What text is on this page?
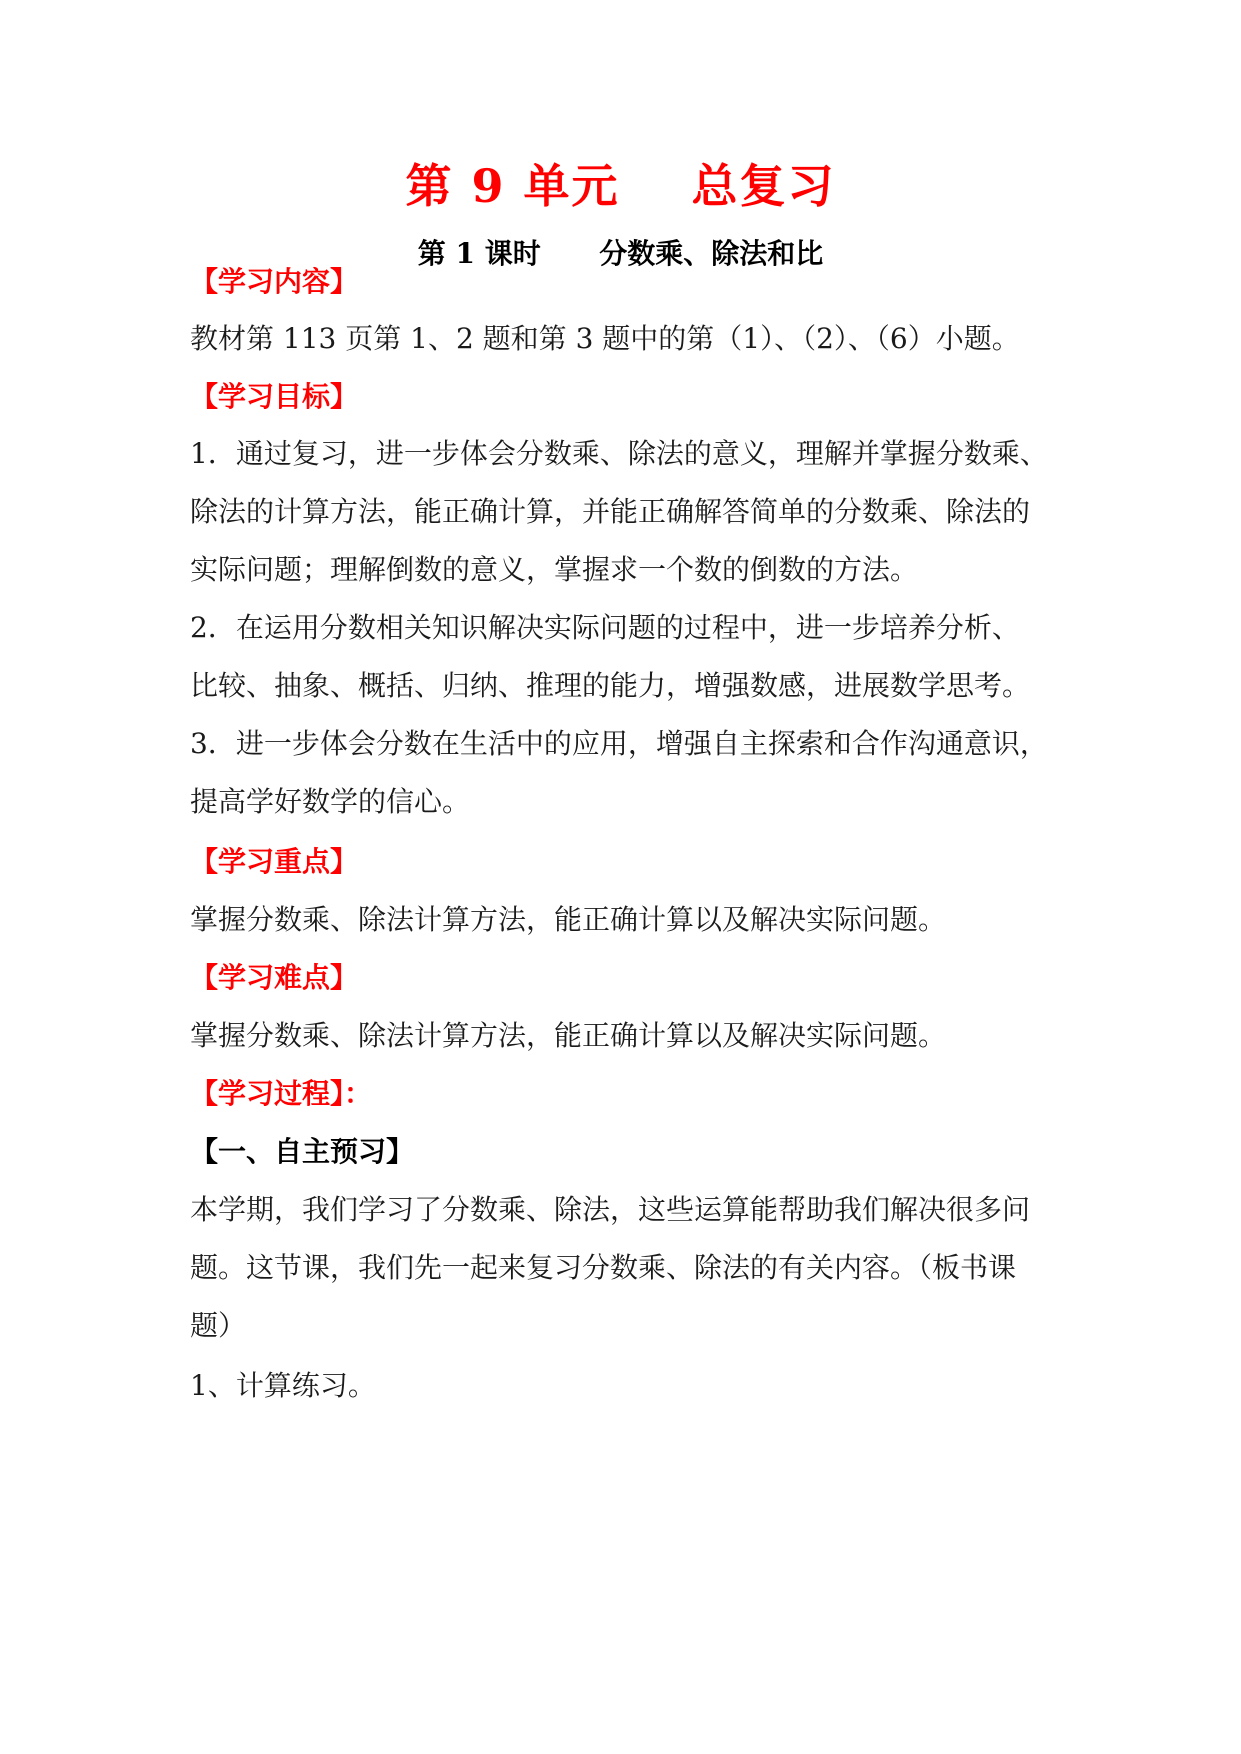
第 9 单元    总复习
第 1 课时      分数乘、除法和比
【学习内容】
教材第 113 页第 1、2 题和第 3 题中的第（1）、（2）、（6）小题。
【学习目标】
1．通过复习，进一步体会分数乘、除法的意义，理解并掌握分数乘、
除法的计算方法，能正确计算，并能正确解答简单的分数乘、除法的
实际问题；理解倒数的意义，掌握求一个数的倒数的方法。
2．在运用分数相关知识解决实际问题的过程中，进一步培养分析、
比较、抽象、概括、归纳、推理的能力，增强数感，进展数学思考。
3．进一步体会分数在生活中的应用，增强自主探索和合作沟通意识，
提高学好数学的信心。
【学习重点】
掌握分数乘、除法计算方法，能正确计算以及解决实际问题。
【学习难点】
掌握分数乘、除法计算方法，能正确计算以及解决实际问题。
【学习过程】：
【一、自主预习】
本学期，我们学习了分数乘、除法，这些运算能帮助我们解决很多问
题。这节课，我们先一起来复习分数乘、除法的有关内容。（板书课
题）
1、计算练习。
